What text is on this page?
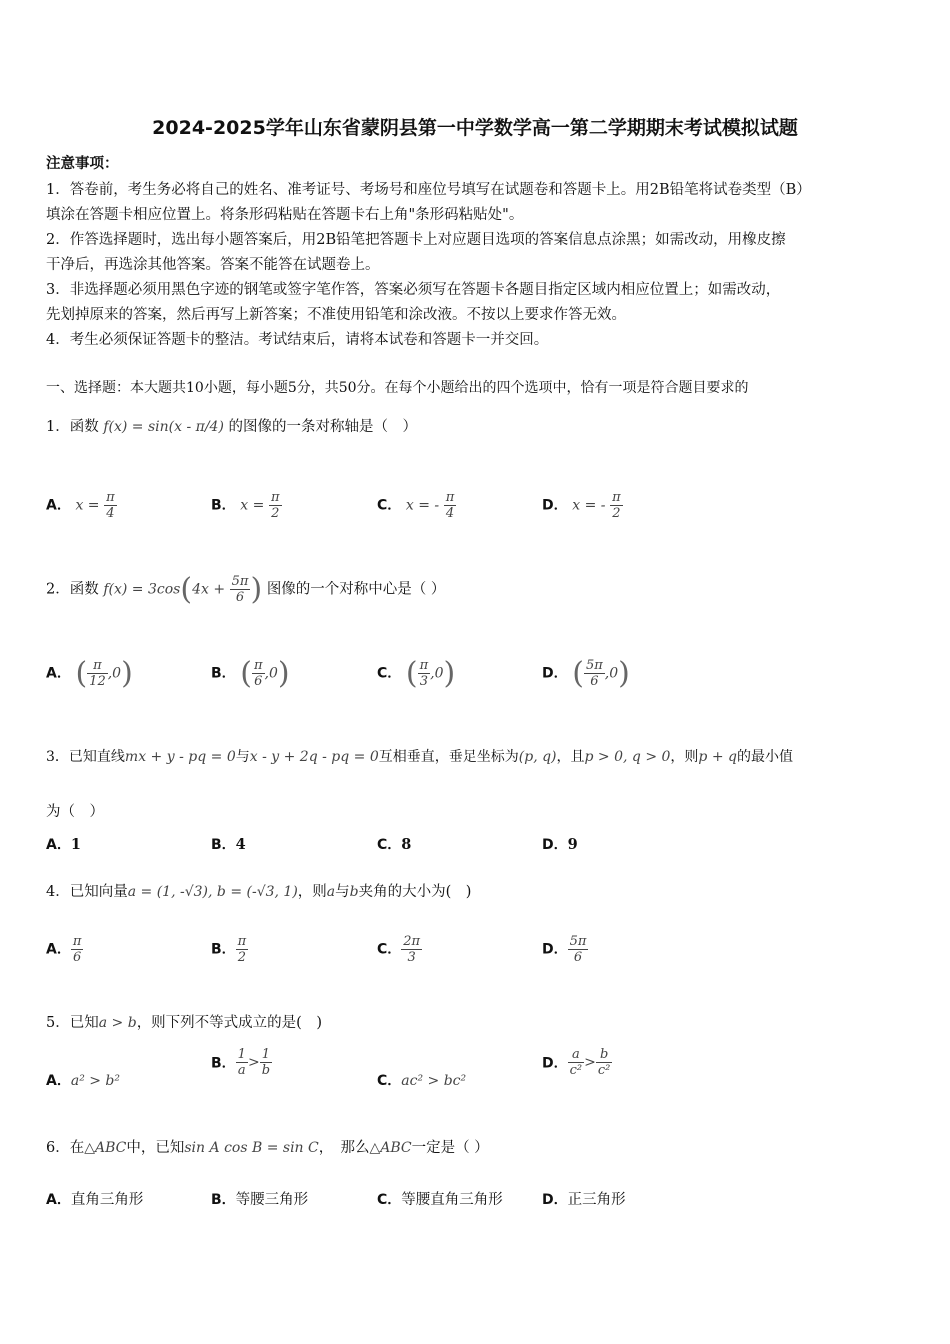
2024-2025学年山东省蒙阴县第一中学数学高一第二学期期末考试模拟试题
注意事项：
1．答卷前，考生务必将自己的姓名、准考证号、考场号和座位号填写在试题卷和答题卡上。用2B铅笔将试卷类型（B）
填涂在答题卡相应位置上。将条形码粘贴在答题卡右上角"条形码粘贴处"。
2．作答选择题时，选出每小题答案后，用2B铅笔把答题卡上对应题目选项的答案信息点涂黑；如需改动，用橡皮擦
干净后，再选涂其他答案。答案不能答在试题卷上。
3．非选择题必须用黑色字迹的钢笔或签字笔作答，答案必须写在答题卡各题目指定区域内相应位置上；如需改动，
先划掉原来的答案，然后再写上新答案；不准使用铅笔和涂改液。不按以上要求作答无效。
4．考生必须保证答题卡的整洁。考试结束后，请将本试卷和答题卡一并交回。
一、选择题：本大题共10小题，每小题5分，共50分。在每个小题给出的四个选项中，恰有一项是符合题目要求的
1．函数 f(x) = sin(x - π/4) 的图像的一条对称轴是（　）
A． $x = \frac{\pi}{4}$	B． $x = \frac{\pi}{2}$	C． x = - $\frac{\pi}{4}$	D． x = - $\frac{\pi}{2}$
2．函数 $f(x) = 3\cos(4x + \frac{5\pi}{6}$ ) 图像的一个对称中心是（ ）
A． ( $\frac{\pi}{12} ,0$)	B． ( $\frac{\pi}{6} ,0$)	C． ( $\frac{\pi}{3} ,0$)	D． ( $\frac{5\pi}{6} ,0$)
3．已知直线mx + y - pq = 0与x - y + 2q - pq = 0互相垂直，垂足坐标为(p, q)，且p > 0, q > 0，则p + q的最小值
为（　）
A．1	B．4	C．8	D．9
4．已知向量a = (1, -√3), b = (-√3, 1)，则a与b夹角的大小为(　)
A． $\frac{\pi}{6}$	B． $\frac{\pi}{2}$	C． $\frac{2\pi}{3}$	D． $\frac{5\pi}{6}$
5．已知a > b，则下列不等式成立的是(　)
A．a² > b²
B． $\frac{1}{a} > \frac{1}{b}$
C．ac² > bc²
D． $\frac{a}{\text{c²}} > \frac{b}{\text{c²}}$
6．在△ABC中，已知sin A cos B = sin C，　那么△ABC一定是（ ）
A．直角三角形	B．等腰三角形	C．等腰直角三角形	D．正三角形
